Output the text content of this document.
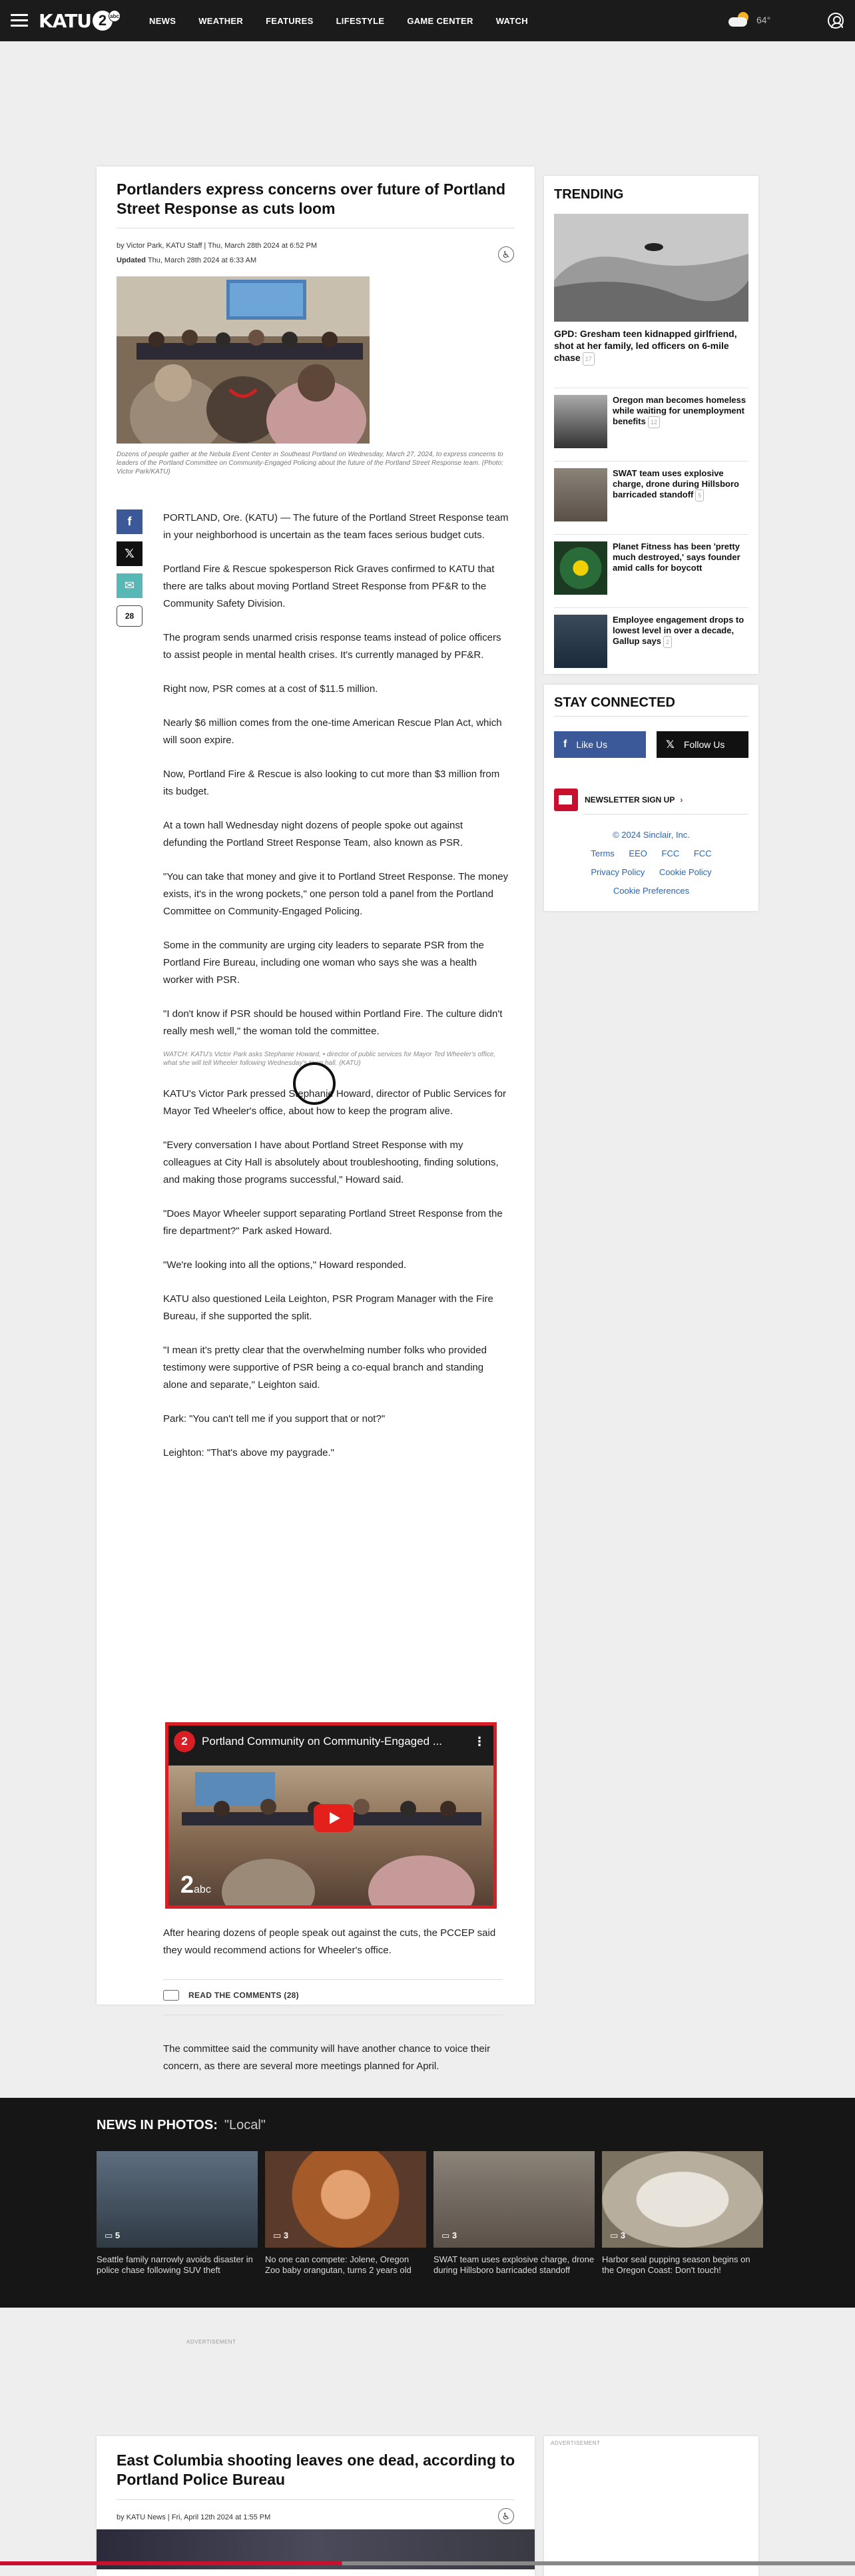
KATU 2 abc	NEWS	WEATHER	FEATURES	LIFESTYLE	GAME CENTER	WATCH	64°
Portlanders express concerns over future of Portland Street Response as cuts loom
by Victor Park, KATU Staff | Thu, March 28th 2024 at 6:52 PM
Updated Thu, March 28th 2024 at 6:33 AM
♿

Dozens of people gather at the Nebula Event Center in Southeast Portland on Wednesday, March 27, 2024, to express concerns to leaders of the Portland Committee on Community-Engaged Policing about the future of the Portland Street Response team. (Photo: Victor Park/KATU)

f
𝕏
✉
28

PORTLAND, Ore. (KATU) — The future of the Portland Street Response team in your neighborhood is uncertain as the team faces serious budget cuts.

Portland Fire & Rescue spokesperson Rick Graves confirmed to KATU that there are talks about moving Portland Street Response from PF&R to the Community Safety Division.

The program sends unarmed crisis response teams instead of police officers to assist people in mental health crises. It's currently managed by PF&R.

Right now, PSR comes at a cost of $11.5 million.

Nearly $6 million comes from the one-time American Rescue Plan Act, which will soon expire.

Now, Portland Fire & Rescue is also looking to cut more than $3 million from its budget.

At a town hall Wednesday night dozens of people spoke out against defunding the Portland Street Response Team, also known as PSR.

"You can take that money and give it to Portland Street Response. The money exists, it's in the wrong pockets," one person told a panel from the Portland Committee on Community-Engaged Policing.

Some in the community are urging city leaders to separate PSR from the Portland Fire Bureau, including one woman who says she was a health worker with PSR.

"I don't know if PSR should be housed within Portland Fire. The culture didn't really mesh well," the woman told the committee.

WATCH: KATU's Victor Park asks Stephanie Howard, • director of public services for Mayor Ted Wheeler's office, what she will tell Wheeler following Wednesday's town hall. (KATU)

KATU's Victor Park pressed Stephanie Howard, director of Public Services for Mayor Ted Wheeler's office, about how to keep the program alive.

"Every conversation I have about Portland Street Response with my colleagues at City Hall is absolutely about troubleshooting, finding solutions, and making those programs successful," Howard said.

"Does Mayor Wheeler support separating Portland Street Response from the fire department?" Park asked Howard.

"We're looking into all the options," Howard responded.

KATU also questioned Leila Leighton, PSR Program Manager with the Fire Bureau, if she supported the split.

"I mean it's pretty clear that the overwhelming number folks who provided testimony were supportive of PSR being a co-equal branch and standing alone and separate," Leighton said.

Park: "You can't tell me if you support that or not?"

Leighton: "That's above my paygrade."

2	Portland Community on Community-Engaged ...	⋮
2abc

After hearing dozens of people speak out against the cuts, the PCCEP said they would recommend actions for Wheeler's office.

READ THE COMMENTS (28)

The committee said the community will have another chance to voice their concern, as there are several more meetings planned for April.

TRENDING
GPD: Gresham teen kidnapped girlfriend, shot at her family, led officers on 6-mile chase 17
Oregon man becomes homeless while waiting for unemployment benefits 12
SWAT team uses explosive charge, drone during Hillsboro barricaded standoff 5
Planet Fitness has been 'pretty much destroyed,' says founder amid calls for boycott
Employee engagement drops to lowest level in over a decade, Gallup says 2
STAY CONNECTED
f Like Us	𝕏 Follow Us
NEWSLETTER SIGN UP ›
© 2024 Sinclair, Inc.
Terms EEO FCC FCC
Privacy Policy Cookie Policy
Cookie Preferences
NEWS IN PHOTOS: "Local"
▭ 5
Seattle family narrowly avoids disaster in police chase following SUV theft
▭ 3
No one can compete: Jolene, Oregon Zoo baby orangutan, turns 2 years old
▭ 3
SWAT team uses explosive charge, drone during Hillsboro barricaded standoff
▭ 3
Harbor seal pupping season begins on the Oregon Coast: Don't touch!
ADVERTISEMENT
East Columbia shooting leaves one dead, according to Portland Police Bureau
by KATU News | Fri, April 12th 2024 at 1:55 PM	♿
ADVERTISEMENT
